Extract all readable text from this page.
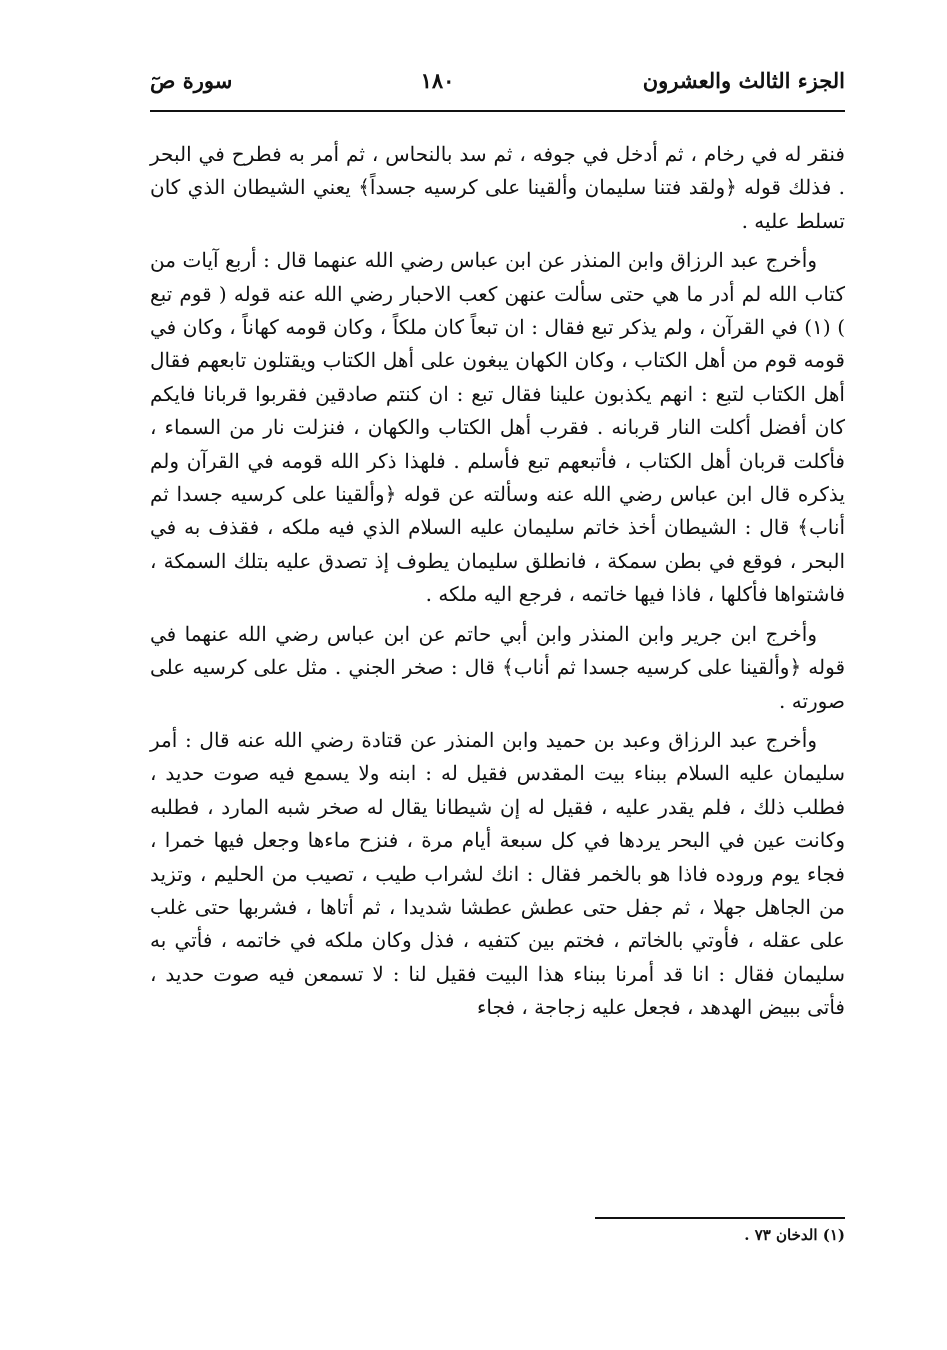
الجزء الثالث والعشرون
١٨٠
سورة صٓ

فنقر له في رخام ، ثم أدخل في جوفه ، ثم سد بالنحاس ، ثم أمر به فطرح في البحر . فذلك قوله ﴿ولقد فتنا سليمان وألقينا على كرسيه جسداً﴾ يعني الشيطان الذي كان تسلط عليه .

وأخرج عبد الرزاق وابن المنذر عن ابن عباس رضي الله عنهما قال : أربع آيات من كتاب الله لم أدر ما هي حتى سألت عنهن كعب الاحبار رضي الله عنه قوله ( قوم تبع ) (١) في القرآن ، ولم يذكر تبع فقال : ان تبعاً كان ملكاً ، وكان قومه كهاناً ، وكان في قومه قوم من أهل الكتاب ، وكان الكهان يبغون على أهل الكتاب ويقتلون تابعهم فقال أهل الكتاب لتبع : انهم يكذبون علينا فقال تبع : ان كنتم صادقين فقربوا قربانا فايكم كان أفضل أكلت النار قربانه . فقرب أهل الكتاب والكهان ، فنزلت نار من السماء ، فأكلت قربان أهل الكتاب ، فأتبعهم تبع فأسلم . فلهذا ذكر الله قومه في القرآن ولم يذكره قال ابن عباس رضي الله عنه وسألته عن قوله ﴿وألقينا على كرسيه جسدا ثم أناب﴾ قال : الشيطان أخذ خاتم سليمان عليه السلام الذي فيه ملكه ، فقذف به في البحر ، فوقع في بطن سمكة ، فانطلق سليمان يطوف إذ تصدق عليه بتلك السمكة ، فاشتواها فأكلها ، فاذا فيها خاتمه ، فرجع اليه ملكه .

وأخرج ابن جرير وابن المنذر وابن أبي حاتم عن ابن عباس رضي الله عنهما في قوله ﴿وألقينا على كرسيه جسدا ثم أناب﴾ قال : صخر الجني . مثل على كرسيه على صورته .

وأخرج عبد الرزاق وعبد بن حميد وابن المنذر عن قتادة رضي الله عنه قال : أمر سليمان عليه السلام ببناء بيت المقدس فقيل له : ابنه ولا يسمع فيه صوت حديد ، فطلب ذلك ، فلم يقدر عليه ، فقيل له إن شيطانا يقال له صخر شبه المارد ، فطلبه وكانت عين في البحر يردها في كل سبعة أيام مرة ، فنزح ماءها وجعل فيها خمرا ، فجاء يوم وروده فاذا هو بالخمر فقال : انك لشراب طيب ، تصيب من الحليم ، وتزيد من الجاهل جهلا ، ثم جفل حتى عطش عطشا شديدا ، ثم أتاها ، فشربها حتى غلب على عقله ، فأوتي بالخاتم ، فختم بين كتفيه ، فذل وكان ملكه في خاتمه ، فأتي به سليمان فقال : انا قد أمرنا ببناء هذا البيت فقيل لنا : لا تسمعن فيه صوت حديد ، فأتى ببيض الهدهد ، فجعل عليه زجاجة ، فجاء

(١) الدخان ٧٣ .
